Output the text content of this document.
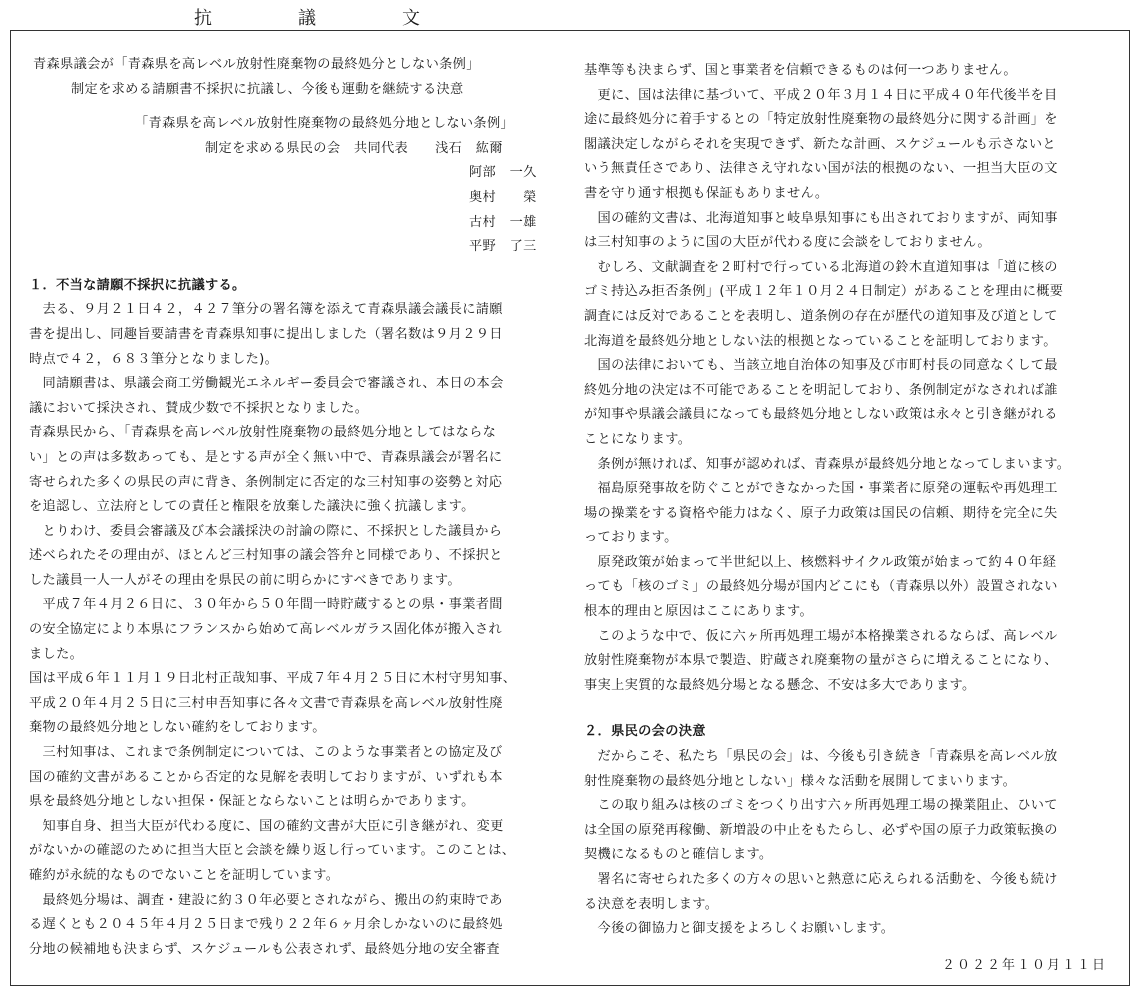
抗　議　文
青森県議会が「青森県を高レベル放射性廃棄物の最終処分としない条例」
制定を求める請願書不採択に抗議し、今後も運動を継続する決意
「青森県を高レベル放射性廃棄物の最終処分地としない条例」
制定を求める県民の会　共同代表　　浅石　紘爾
阿部　一久
奥村　　榮
古村　一雄
平野　了三
１．不当な請願不採択に抗議する。
　去る、９月２１日４２，４２７筆分の署名簿を添えて青森県議会議長に請願
書を提出し、同趣旨要請書を青森県知事に提出しました（署名数は９月２９日
時点で４２，６８３筆分となりました)。
　同請願書は、県議会商工労働観光エネルギー委員会で審議され、本日の本会
議において採決され、賛成少数で不採択となりました。
青森県民から、「青森県を高レベル放射性廃棄物の最終処分地としてはならな
い」との声は多数あっても、是とする声が全く無い中で、青森県議会が署名に
寄せられた多くの県民の声に背き、条例制定に否定的な三村知事の姿勢と対応
を追認し、立法府としての責任と権限を放棄した議決に強く抗議します。
　とりわけ、委員会審議及び本会議採決の討論の際に、不採択とした議員から
述べられたその理由が、ほとんど三村知事の議会答弁と同様であり、不採択と
した議員一人一人がその理由を県民の前に明らかにすべきであります。
　平成７年４月２６日に、３０年から５０年間一時貯蔵するとの県・事業者間
の安全協定により本県にフランスから始めて高レベルガラス固化体が搬入され
ました。
国は平成６年１１月１９日北村正哉知事、平成７年４月２５日に木村守男知事、
平成２０年４月２５日に三村申吾知事に各々文書で青森県を高レベル放射性廃
棄物の最終処分地としない確約をしております。
　三村知事は、これまで条例制定については、このような事業者との協定及び
国の確約文書があることから否定的な見解を表明しておりますが、いずれも本
県を最終処分地としない担保・保証とならないことは明らかであります。
　知事自身、担当大臣が代わる度に、国の確約文書が大臣に引き継がれ、変更
がないかの確認のために担当大臣と会談を繰り返し行っています。このことは、
確約が永続的なものでないことを証明しています。
　最終処分場は、調査・建設に約３０年必要とされながら、搬出の約束時であ
る遅くとも２０４５年４月２５日まで残り２２年６ヶ月余しかないのに最終処
分地の候補地も決まらず、スケジュールも公表されず、最終処分地の安全審査
基準等も決まらず、国と事業者を信頼できるものは何一つありません。
　更に、国は法律に基づいて、平成２０年３月１４日に平成４０年代後半を目
途に最終処分に着手するとの「特定放射性廃棄物の最終処分に関する計画」を
閣議決定しながらそれを実現できず、新たな計画、スケジュールも示さないと
いう無責任さであり、法律さえ守れない国が法的根拠のない、一担当大臣の文
書を守り通す根拠も保証もありません。
　国の確約文書は、北海道知事と岐阜県知事にも出されておりますが、両知事
は三村知事のように国の大臣が代わる度に会談をしておりません。
　むしろ、文献調査を２町村で行っている北海道の鈴木直道知事は「道に核の
ゴミ持込み拒否条例」(平成１２年１０月２４日制定）があることを理由に概要
調査には反対であることを表明し、道条例の存在が歴代の道知事及び道として
北海道を最終処分地としない法的根拠となっていることを証明しております。
　国の法律においても、当該立地自治体の知事及び市町村長の同意なくして最
終処分地の決定は不可能であることを明記しており、条例制定がなされれば誰
が知事や県議会議員になっても最終処分地としない政策は永々と引き継がれる
ことになります。
　条例が無ければ、知事が認めれば、青森県が最終処分地となってしまいます。
　福島原発事故を防ぐことができなかった国・事業者に原発の運転や再処理工
場の操業をする資格や能力はなく、原子力政策は国民の信頼、期待を完全に失
っております。
　原発政策が始まって半世紀以上、核燃料サイクル政策が始まって約４０年経
っても「核のゴミ」の最終処分場が国内どこにも（青森県以外）設置されない
根本的理由と原因はここにあります。
　このような中で、仮に六ヶ所再処理工場が本格操業されるならば、高レベル
放射性廃棄物が本県で製造、貯蔵され廃棄物の量がさらに増えることになり、
事実上実質的な最終処分場となる懸念、不安は多大であります。
２．県民の会の決意
　だからこそ、私たち「県民の会」は、今後も引き続き「青森県を高レベル放
射性廃棄物の最終処分地としない」様々な活動を展開してまいります。
　この取り組みは核のゴミをつくり出す六ヶ所再処理工場の操業阻止、ひいて
は全国の原発再稼働、新増設の中止をもたらし、必ずや国の原子力政策転換の
契機になるものと確信します。
　署名に寄せられた多くの方々の思いと熱意に応えられる活動を、今後も続け
る決意を表明します。
　今後の御協力と御支援をよろしくお願いします。
２０２２年１０月１１日
